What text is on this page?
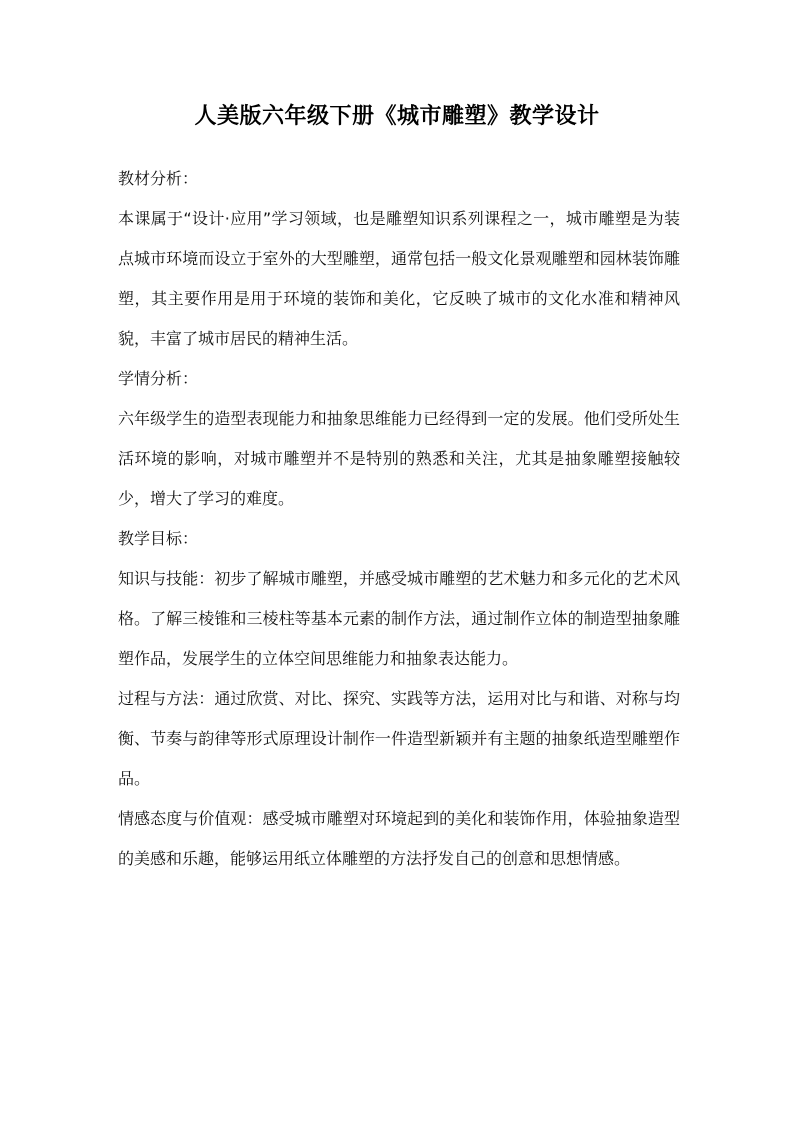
人美版六年级下册《城市雕塑》教学设计

教材分析：

本课属于“设计·应用”学习领域，也是雕塑知识系列课程之一，城市雕塑是为装点城市环境而设立于室外的大型雕塑，通常包括一般文化景观雕塑和园林装饰雕塑，其主要作用是用于环境的装饰和美化，它反映了城市的文化水准和精神风貌，丰富了城市居民的精神生活。

学情分析：

六年级学生的造型表现能力和抽象思维能力已经得到一定的发展。他们受所处生活环境的影响，对城市雕塑并不是特别的熟悉和关注，尤其是抽象雕塑接触较少，增大了学习的难度。

教学目标：

知识与技能：初步了解城市雕塑，并感受城市雕塑的艺术魅力和多元化的艺术风格。了解三棱锥和三棱柱等基本元素的制作方法，通过制作立体的制造型抽象雕塑作品，发展学生的立体空间思维能力和抽象表达能力。

过程与方法：通过欣赏、对比、探究、实践等方法，运用对比与和谐、对称与均衡、节奏与韵律等形式原理设计制作一件造型新颖并有主题的抽象纸造型雕塑作品。

情感态度与价值观：感受城市雕塑对环境起到的美化和装饰作用，体验抽象造型的美感和乐趣，能够运用纸立体雕塑的方法抒发自己的创意和思想情感。
